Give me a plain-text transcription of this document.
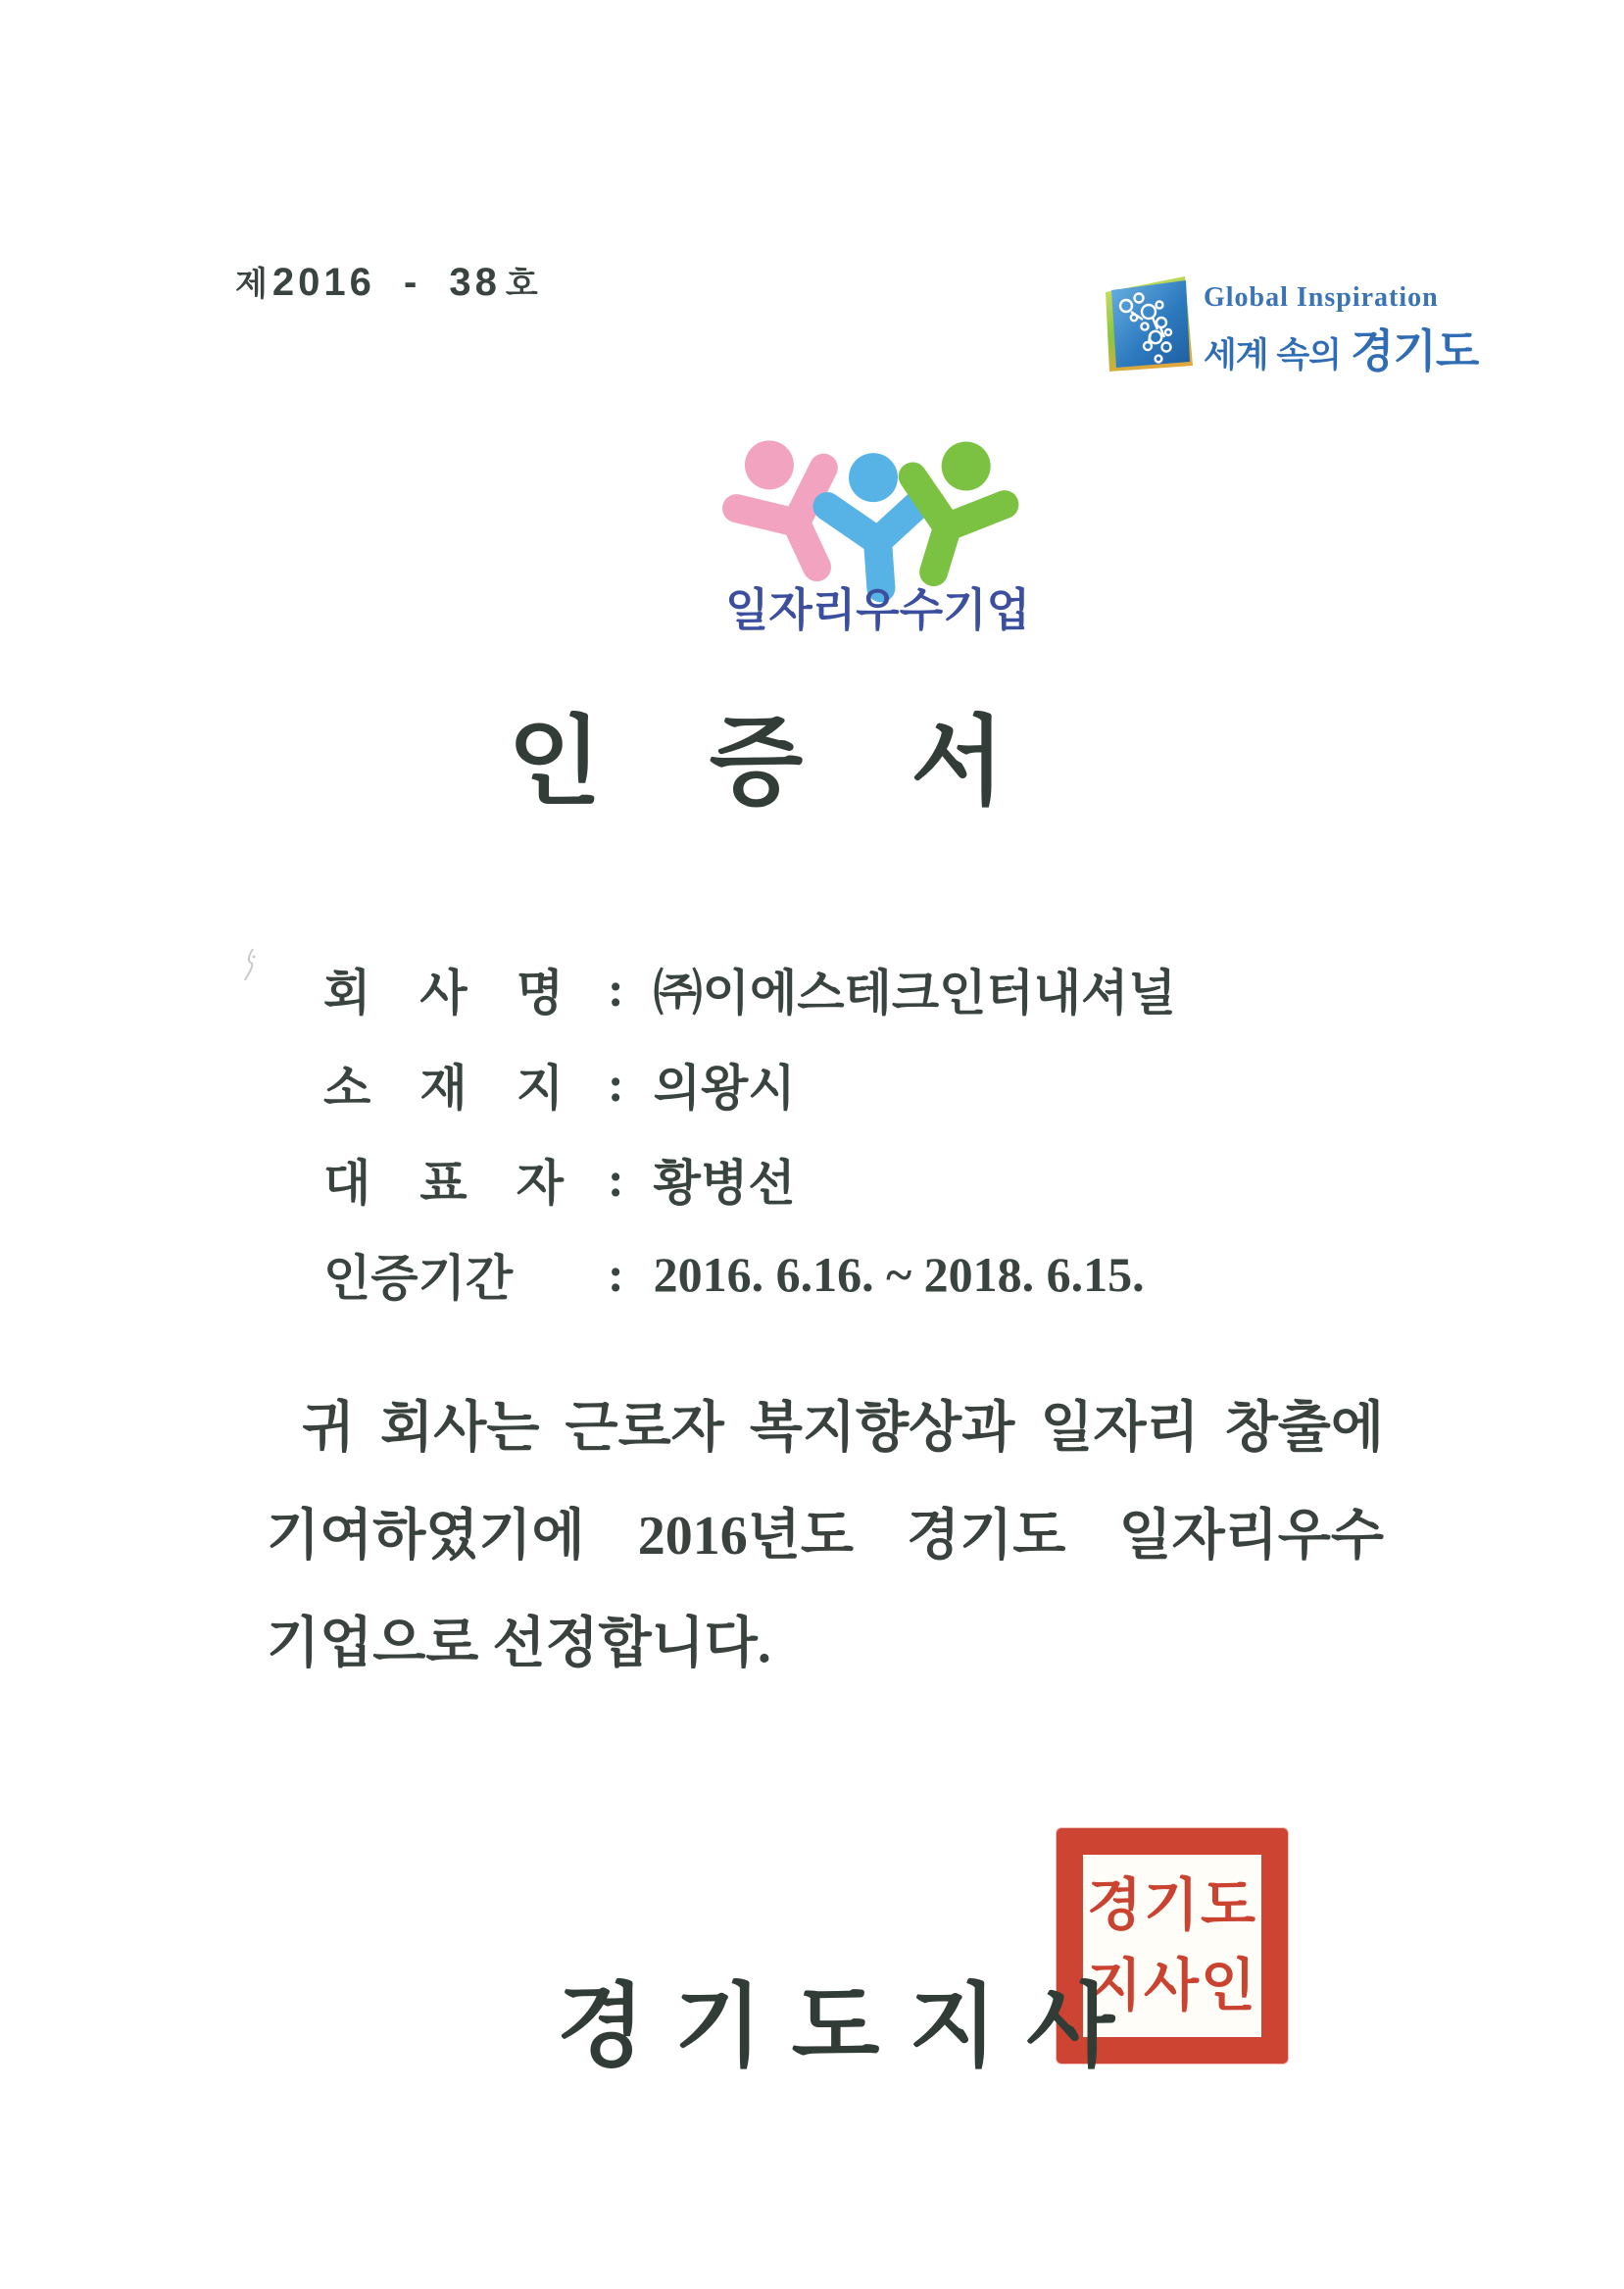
제 2016 - 38 호	Global Inspiration
세계 속의 경기도
일자리우수기업
인증서
회 사 명 : ㈜이에스테크인터내셔널
소 재 지 : 의왕시
대 표 자 : 황병선
인증기간	: 2016. 6.16. ~ 2018. 6.15.
귀 회사는 근로자 복지향상과 일자리 창출에
기여하였기에 2016년도 경기도 일자리우수
기업으로 선정합니다.
경기도지사
경기도
지사인
